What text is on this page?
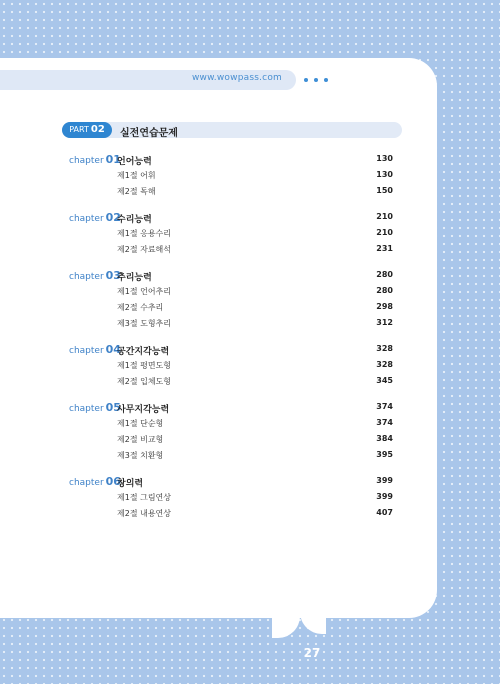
www.wowpass.com
PART 02	실전연습문제
chapter 01
언어능력	130
제1절 어휘	130
제2절 독해	150
chapter 02
수리능력	210
제1절 응용수리	210
제2절 자료해석	231
chapter 03
추리능력	280
제1절 언어추리	280
제2절 수추리	298
제3절 도형추리	312
chapter 04
공간지각능력	328
제1절 평면도형	328
제2절 입체도형	345
chapter 05
사무지각능력	374
제1절 단순형	374
제2절 비교형	384
제3절 치환형	395
chapter 06
창의력	399
제1절 그림연상	399
제2절 내용연상	407
27
